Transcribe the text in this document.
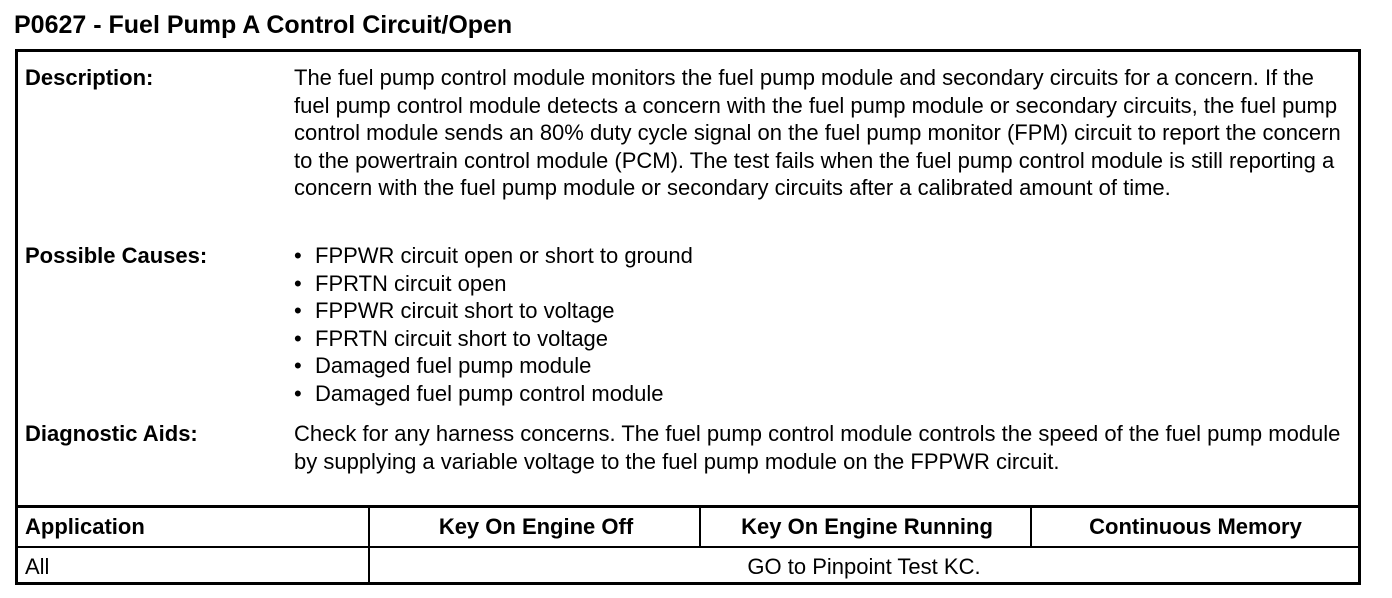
P0627 - Fuel Pump A Control Circuit/Open
Description:	The fuel pump control module monitors the fuel pump module and secondary circuits for a concern. If the fuel pump control module detects a concern with the fuel pump module or secondary circuits, the fuel pump control module sends an 80% duty cycle signal on the fuel pump monitor (FPM) circuit to report the concern to the powertrain control module (PCM). The test fails when the fuel pump control module is still reporting a concern with the fuel pump module or secondary circuits after a calibrated amount of time.
Possible Causes:	• FPPWR circuit open or short to ground
• FPRTN circuit open
• FPPWR circuit short to voltage
• FPRTN circuit short to voltage
• Damaged fuel pump module
• Damaged fuel pump control module
Diagnostic Aids:	Check for any harness concerns. The fuel pump control module controls the speed of the fuel pump module by supplying a variable voltage to the fuel pump module on the FPPWR circuit.
Application	Key On Engine Off	Key On Engine Running	Continuous Memory
All	GO to Pinpoint Test KC.
